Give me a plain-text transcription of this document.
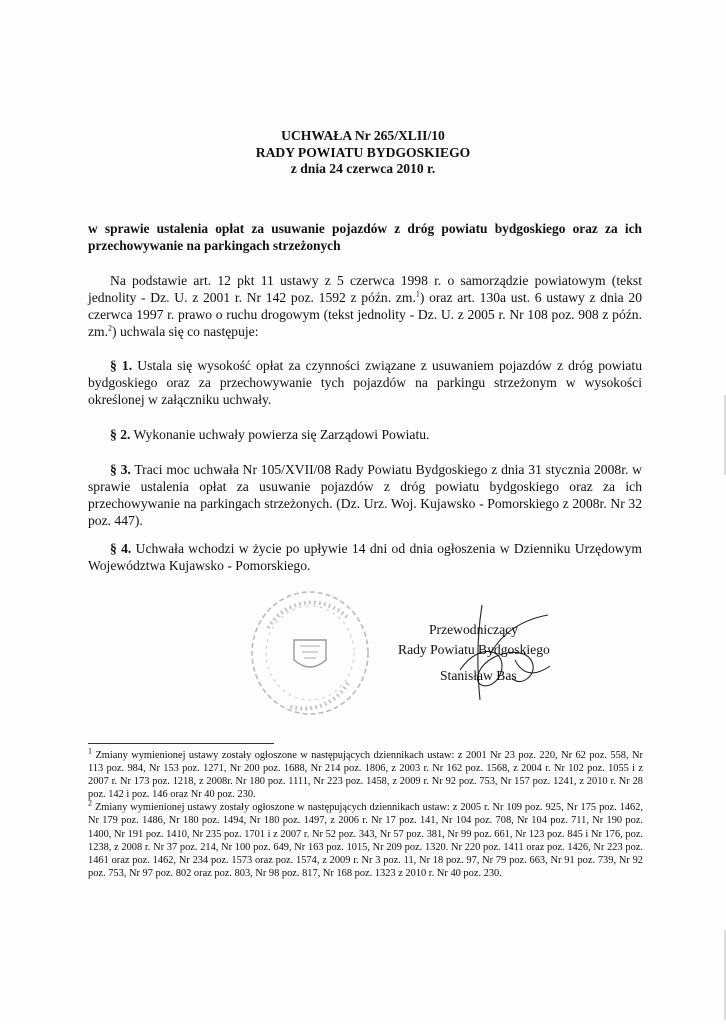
UCHWAŁA Nr 265/XLII/10
RADY POWIATU BYDGOSKIEGO
z dnia 24 czerwca 2010 r.
w sprawie ustalenia opłat za usuwanie pojazdów z dróg powiatu bydgoskiego oraz za ich przechowywanie na parkingach strzeżonych
Na podstawie art. 12 pkt 11 ustawy z 5 czerwca 1998 r. o samorządzie powiatowym (tekst jednolity - Dz. U. z 2001 r. Nr 142 poz. 1592 z późn. zm.$^1$) oraz art. 130a ust. 6 ustawy z dnia 20 czerwca 1997 r. prawo o ruchu drogowym (tekst jednolity - Dz. U. z 2005 r. Nr 108 poz. 908 z późn. zm.$^2$) uchwala się co następuje:
§ 1. Ustala się wysokość opłat za czynności związane z usuwaniem pojazdów z dróg powiatu bydgoskiego oraz za przechowywanie tych pojazdów na parkingu strzeżonym w wysokości określonej w załączniku uchwały.
§ 2. Wykonanie uchwały powierza się Zarządowi Powiatu.
§ 3. Traci moc uchwała Nr 105/XVII/08 Rady Powiatu Bydgoskiego z dnia 31 stycznia 2008r. w sprawie ustalenia opłat za usuwanie pojazdów z dróg powiatu bydgoskiego oraz za ich przechowywanie na parkingach strzeżonych. (Dz. Urz. Woj. Kujawsko - Pomorskiego z 2008r. Nr 32 poz. 447).
§ 4. Uchwała wchodzi w życie po upływie 14 dni od dnia ogłoszenia w Dzienniku Urzędowym Województwa Kujawsko - Pomorskiego.
Przewodniczący
Rady Powiatu Bydgoskiego
Stanisław Bas

$^1$ Zmiany wymienionej ustawy zostały ogłoszone w następujących dziennikach ustaw: z 2001 Nr 23 poz. 220, Nr 62 poz. 558, Nr 113 poz. 984, Nr 153 poz. 1271, Nr 200 poz. 1688, Nr 214 poz. 1806, z 2003 r. Nr 162 poz. 1568, z 2004 r. Nr 102 poz. 1055 i z 2007 r. Nr 173 poz. 1218, z 2008r. Nr 180 poz. 1111, Nr 223 poz. 1458, z 2009 r. Nr 92 poz. 753, Nr 157 poz. 1241, z 2010 r. Nr 28 poz. 142 i poz. 146 oraz Nr 40 poz. 230.

$^2$ Zmiany wymienionej ustawy zostały ogłoszone w następujących dziennikach ustaw: z 2005 r. Nr 109 poz. 925, Nr 175 poz. 1462, Nr 179 poz. 1486, Nr 180 poz. 1494, Nr 180 poz. 1497, z 2006 r. Nr 17 poz. 141, Nr 104 poz. 708, Nr 104 poz. 711, Nr 190 poz. 1400, Nr 191 poz. 1410, Nr 235 poz. 1701 i z 2007 r. Nr 52 poz. 343, Nr 57 poz. 381, Nr 99 poz. 661, Nr 123 poz. 845 i Nr 176, poz. 1238, z 2008 r. Nr 37 poz. 214, Nr 100 poz. 649, Nr 163 poz. 1015, Nr 209 poz. 1320. Nr 220 poz. 1411 oraz poz. 1426, Nr 223 poz. 1461 oraz poz. 1462, Nr 234 poz. 1573 oraz poz. 1574, z 2009 r. Nr 3 poz. 11, Nr 18 poz. 97, Nr 79 poz. 663, Nr 91 poz. 739, Nr 92 poz. 753, Nr 97 poz. 802 oraz poz. 803, Nr 98 poz. 817, Nr 168 poz. 1323 z 2010 r. Nr 40 poz. 230.
